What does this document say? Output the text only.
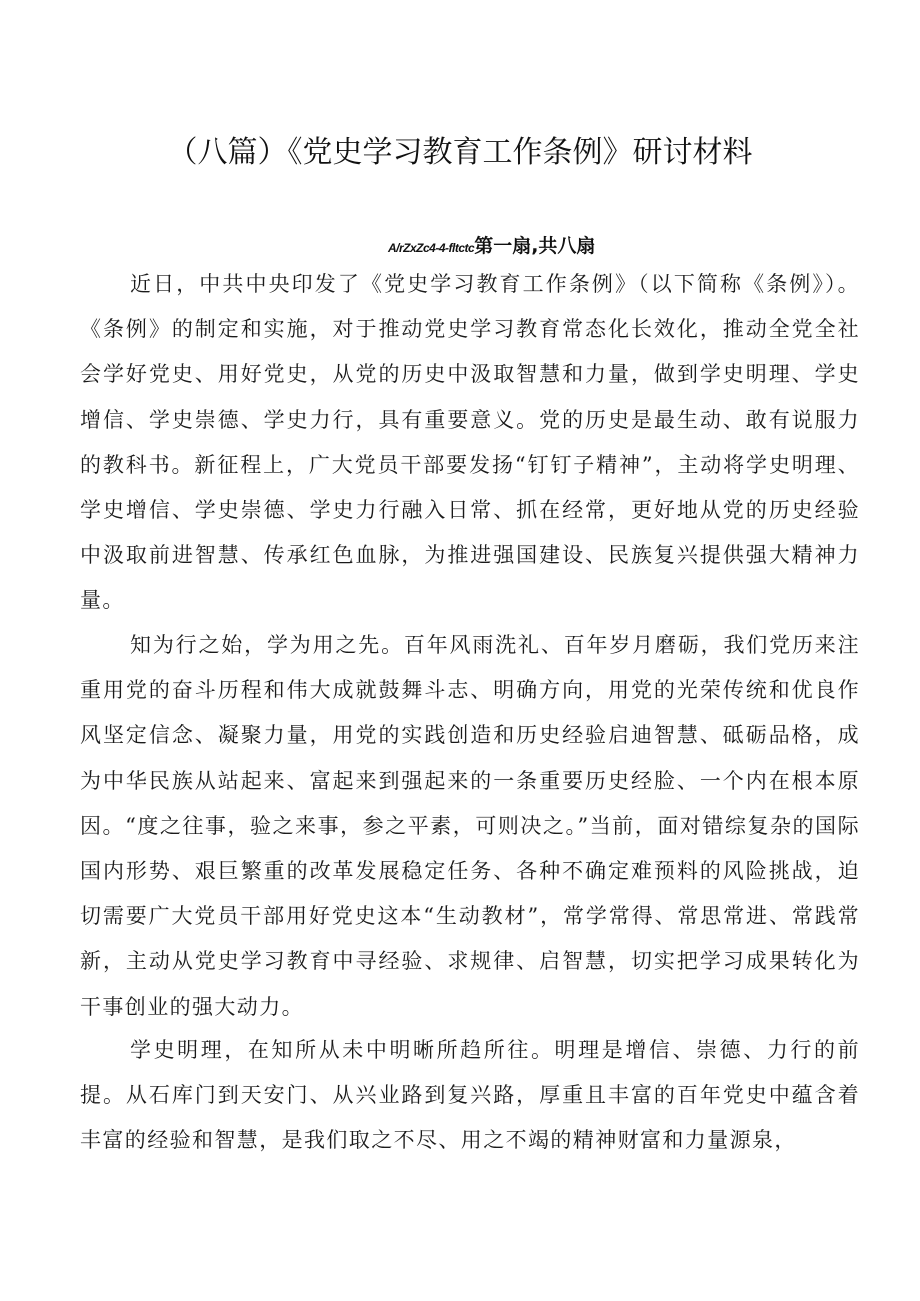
（八篇）《党史学习教育工作条例》研讨材料
A/rZxZc4-4-fltctc第一扇,共八扇

近日，中共中央印发了《党史学习教育工作条例》（以下简称《条例》）。《条例》的制定和实施，对于推动党史学习教育常态化长效化，推动全党全社会学好党史、用好党史，从党的历史中汲取智慧和力量，做到学史明理、学史增信、学史崇德、学史力行，具有重要意义。党的历史是最生动、敢有说服力的教科书。新征程上，广大党员干部要发扬“钉钉子精神”，主动将学史明理、学史增信、学史崇德、学史力行融入日常、抓在经常，更好地从党的历史经验中汲取前进智慧、传承红色血脉，为推进强国建设、民族复兴提供强大精神力量。

知为行之始，学为用之先。百年风雨洗礼、百年岁月磨砺，我们党历来注重用党的奋斗历程和伟大成就鼓舞斗志、明确方向，用党的光荣传统和优良作风坚定信念、凝聚力量，用党的实践创造和历史经验启迪智慧、砥砺品格，成为中华民族从站起来、富起来到强起来的一条重要历史经脸、一个内在根本原因。“度之往事，验之来事，参之平素，可则决之。”当前，面对错综复杂的国际国内形势、艰巨繁重的改革发展稳定任务、各种不确定难预料的风险挑战，迫切需要广大党员干部用好党史这本“生动教材”，常学常得、常思常进、常践常新，主动从党史学习教育中寻经验、求规律、启智慧，切实把学习成果转化为干事创业的强大动力。

学史明理，在知所从未中明晰所趋所往。明理是增信、崇德、力行的前提。从石库门到天安门、从兴业路到复兴路，厚重且丰富的百年党史中蕴含着丰富的经验和智慧，是我们取之不尽、用之不竭的精神财富和力量源泉，
